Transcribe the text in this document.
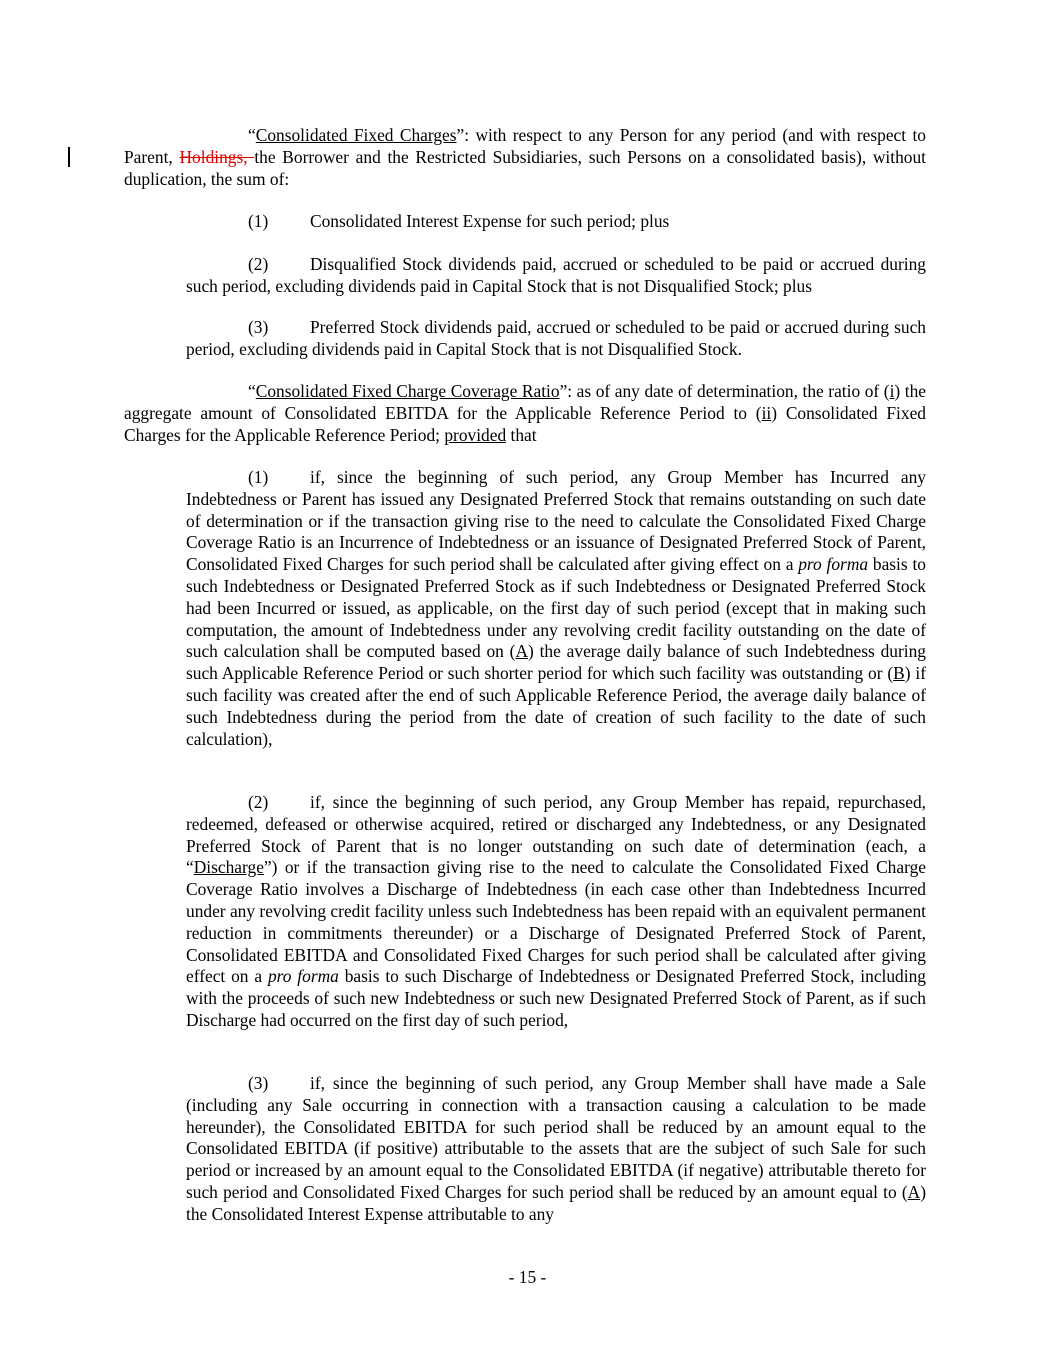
“Consolidated Fixed Charges”: with respect to any Person for any period (and with respect to Parent, Holdings, the Borrower and the Restricted Subsidiaries, such Persons on a consolidated basis), without duplication, the sum of:

(1) Consolidated Interest Expense for such period; plus

(2) Disqualified Stock dividends paid, accrued or scheduled to be paid or accrued during such period, excluding dividends paid in Capital Stock that is not Disqualified Stock; plus

(3) Preferred Stock dividends paid, accrued or scheduled to be paid or accrued during such period, excluding dividends paid in Capital Stock that is not Disqualified Stock.

“Consolidated Fixed Charge Coverage Ratio”: as of any date of determination, the ratio of (i) the aggregate amount of Consolidated EBITDA for the Applicable Reference Period to (ii) Consolidated Fixed Charges for the Applicable Reference Period; provided that

(1) if, since the beginning of such period, any Group Member has Incurred any Indebtedness or Parent has issued any Designated Preferred Stock that remains outstanding on such date of determination or if the transaction giving rise to the need to calculate the Consolidated Fixed Charge Coverage Ratio is an Incurrence of Indebtedness or an issuance of Designated Preferred Stock of Parent, Consolidated Fixed Charges for such period shall be calculated after giving effect on a pro forma basis to such Indebtedness or Designated Preferred Stock as if such Indebtedness or Designated Preferred Stock had been Incurred or issued, as applicable, on the first day of such period (except that in making such computation, the amount of Indebtedness under any revolving credit facility outstanding on the date of such calculation shall be computed based on (A) the average daily balance of such Indebtedness during such Applicable Reference Period or such shorter period for which such facility was outstanding or (B) if such facility was created after the end of such Applicable Reference Period, the average daily balance of such Indebtedness during the period from the date of creation of such facility to the date of such calculation),

(2) if, since the beginning of such period, any Group Member has repaid, repurchased, redeemed, defeased or otherwise acquired, retired or discharged any Indebtedness, or any Designated Preferred Stock of Parent that is no longer outstanding on such date of determination (each, a “Discharge”) or if the transaction giving rise to the need to calculate the Consolidated Fixed Charge Coverage Ratio involves a Discharge of Indebtedness (in each case other than Indebtedness Incurred under any revolving credit facility unless such Indebtedness has been repaid with an equivalent permanent reduction in commitments thereunder) or a Discharge of Designated Preferred Stock of Parent, Consolidated EBITDA and Consolidated Fixed Charges for such period shall be calculated after giving effect on a pro forma basis to such Discharge of Indebtedness or Designated Preferred Stock, including with the proceeds of such new Indebtedness or such new Designated Preferred Stock of Parent, as if such Discharge had occurred on the first day of such period,

(3) if, since the beginning of such period, any Group Member shall have made a Sale (including any Sale occurring in connection with a transaction causing a calculation to be made hereunder), the Consolidated EBITDA for such period shall be reduced by an amount equal to the Consolidated EBITDA (if positive) attributable to the assets that are the subject of such Sale for such period or increased by an amount equal to the Consolidated EBITDA (if negative) attributable thereto for such period and Consolidated Fixed Charges for such period shall be reduced by an amount equal to (A) the Consolidated Interest Expense attributable to any

- 15 -
